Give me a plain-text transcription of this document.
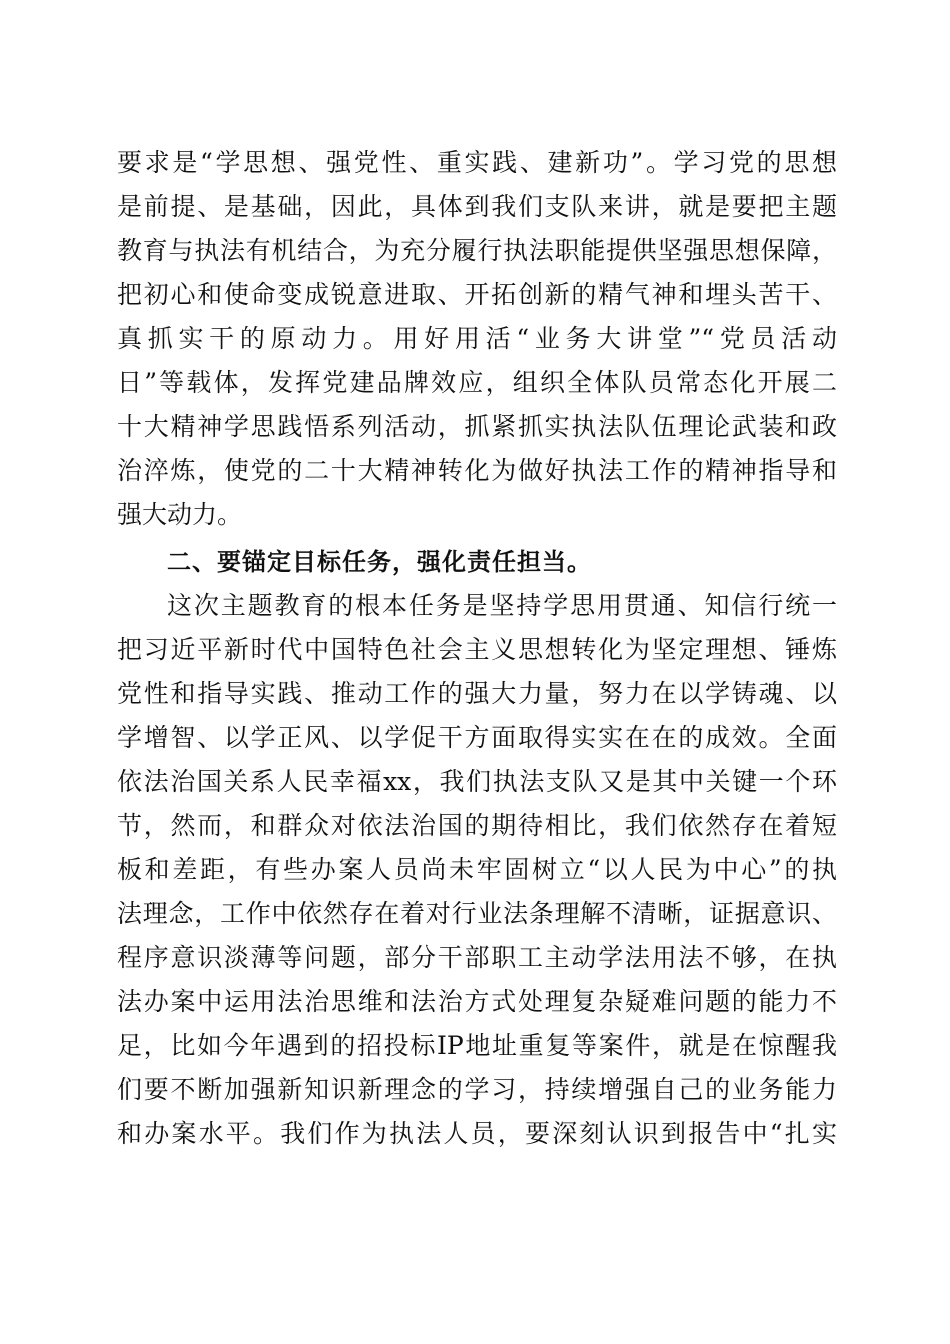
要求是“学思想、强党性、重实践、建新功”。学习党的思想
是前提、是基础，因此，具体到我们支队来讲，就是要把主题
教育与执法有机结合，为充分履行执法职能提供坚强思想保障，
把初心和使命变成锐意进取、开拓创新的精气神和埋头苦干、
真抓实干的原动力。用好用活“业务大讲堂”“党员活动
日”等载体，发挥党建品牌效应，组织全体队员常态化开展二
十大精神学思践悟系列活动，抓紧抓实执法队伍理论武装和政
治淬炼，使党的二十大精神转化为做好执法工作的精神指导和
强大动力。
二、要锚定目标任务，强化责任担当。
这次主题教育的根本任务是坚持学思用贯通、知信行统一
把习近平新时代中国特色社会主义思想转化为坚定理想、锤炼
党性和指导实践、推动工作的强大力量，努力在以学铸魂、以
学增智、以学正风、以学促干方面取得实实在在的成效。全面
依法治国关系人民幸福xx，我们执法支队又是其中关键一个环
节，然而，和群众对依法治国的期待相比，我们依然存在着短
板和差距，有些办案人员尚未牢固树立“以人民为中心”的执
法理念，工作中依然存在着对行业法条理解不清晰，证据意识、
程序意识淡薄等问题，部分干部职工主动学法用法不够，在执
法办案中运用法治思维和法治方式处理复杂疑难问题的能力不
足，比如今年遇到的招投标IP地址重复等案件，就是在惊醒我
们要不断加强新知识新理念的学习，持续增强自己的业务能力
和办案水平。我们作为执法人员，要深刻认识到报告中“扎实
